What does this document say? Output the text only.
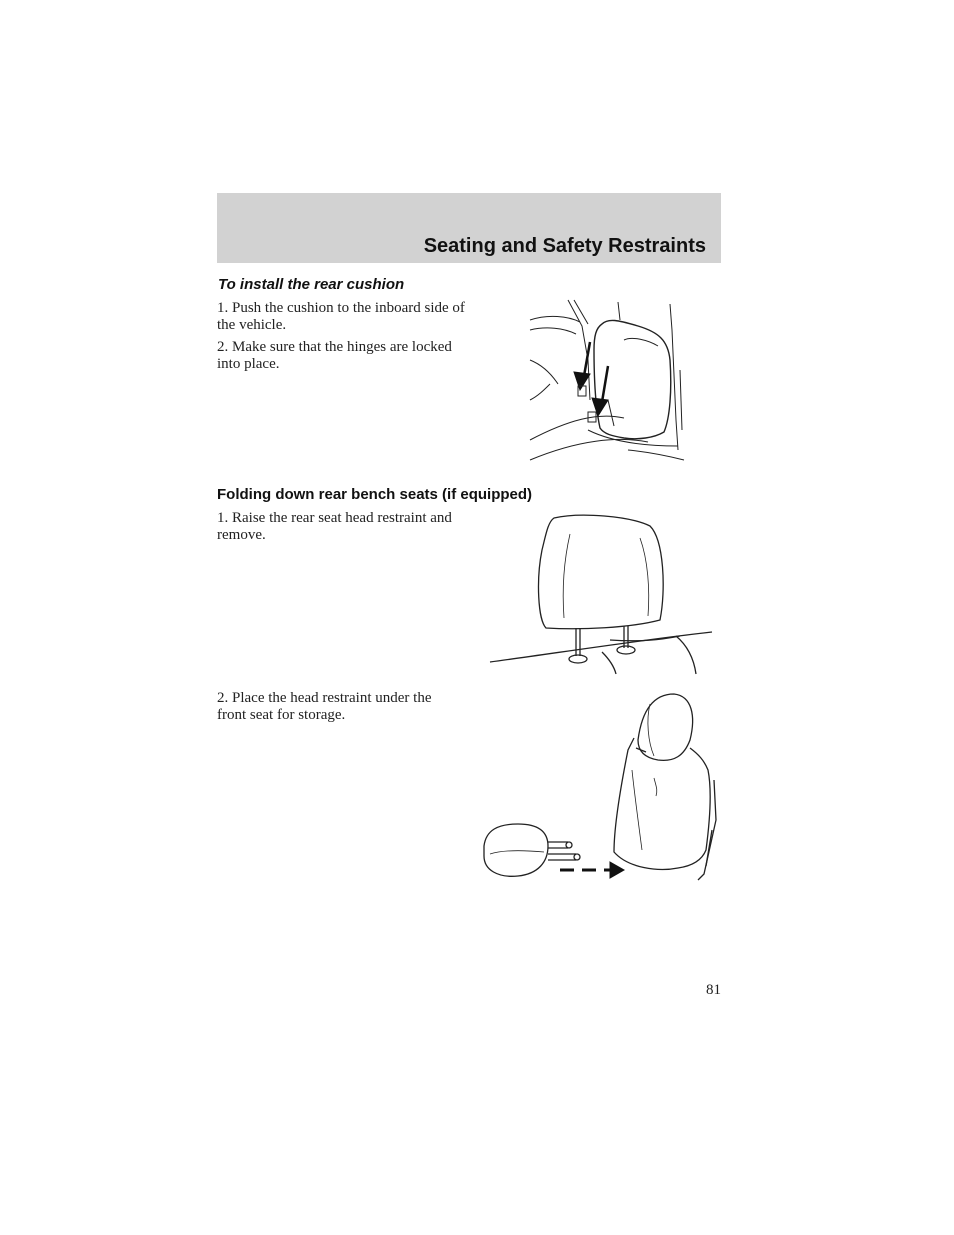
Seating and Safety Restraints
To install the rear cushion
1. Push the cushion to the inboard side of the vehicle.
2. Make sure that the hinges are locked into place.
Folding down rear bench seats (if equipped)
1. Raise the rear seat head restraint and remove.
2. Place the head restraint under the front seat for storage.
81
